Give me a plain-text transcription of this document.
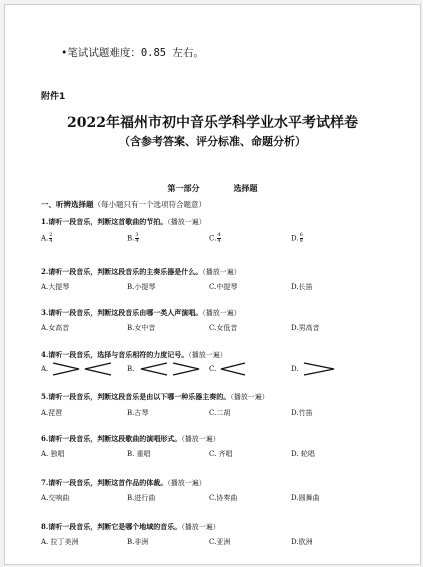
•笔试试题难度：0.85 左右。
附件1
2022年福州市初中音乐学科学业水平考试样卷
（含参考答案、评分标准、命题分析）
第一部分	选择题
一、听辨选择题（每小题只有一个选项符合题意）
1.请听一段音乐，判断这首歌曲的节拍。（播放一遍）
A. $\frac{2}{4}$	B. $\frac{3}{4}$	C. $\frac{4}{4}$	D. $\frac{6}{8}$
2.请听一段音乐，判断这段音乐的主奏乐器是什么。（播放一遍）
A.大提琴	B.小提琴	C.中提琴	D.长笛
3.请听一段音乐，判断这段音乐由哪一类人声演唱。（播放一遍）
A.女高音	B.女中音	C.女低音	D.男高音
4.请听一段音乐，选择与音乐相符的力度记号。（播放一遍）
A.	B.	C.	D.
5.请听一段音乐，判断这段音乐是由以下哪一种乐器主奏的。（播放一遍）
A.琵琶	B.古琴	C.二胡	D.竹笛
6.请听一段音乐，判断这段歌曲的演唱形式。（播放一遍）
A. 独唱	B. 重唱	C. 齐唱	D. 轮唱
7.请听一段音乐，判断这首作品的体裁。（播放一遍）
A.交响曲	B.进行曲	C.协奏曲	D.圆舞曲
8.请听一段音乐，判断它是哪个地域的音乐。（播放一遍）
A. 拉丁美洲	B.非洲	C.亚洲	D.欧洲
